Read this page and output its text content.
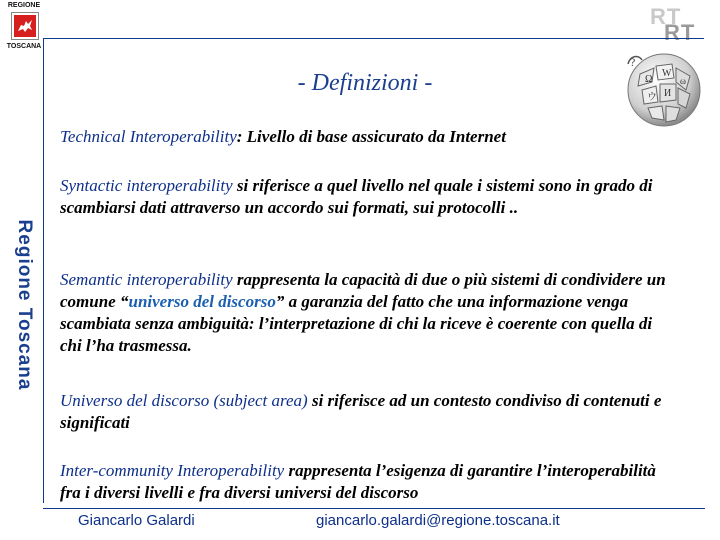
REGIONE
TOSCANA
RT
RT
Regione Toscana
- Definizioni -	Ω
W
И
ウ
ω
?
Technical Interoperability: Livello di base assicurato da Internet
Syntactic interoperability si riferisce a quel livello nel quale i sistemi sono in grado di scambiarsi dati attraverso un accordo sui formati, sui protocolli ..
Semantic interoperability rappresenta la capacità di due o più sistemi di condividere un comune “universo del discorso” a garanzia del fatto che una informazione venga scambiata senza ambiguità: l’interpretazione di chi la riceve è coerente con quella di chi l’ha trasmessa.
Universo del discorso (subject area) si riferisce ad un contesto condiviso di contenuti e significati
Inter-community Interoperability rappresenta l’esigenza di garantire l’interoperabilità fra i diversi livelli e fra diversi universi del discorso
Giancarlo Galardi	giancarlo.galardi@regione.toscana.it
